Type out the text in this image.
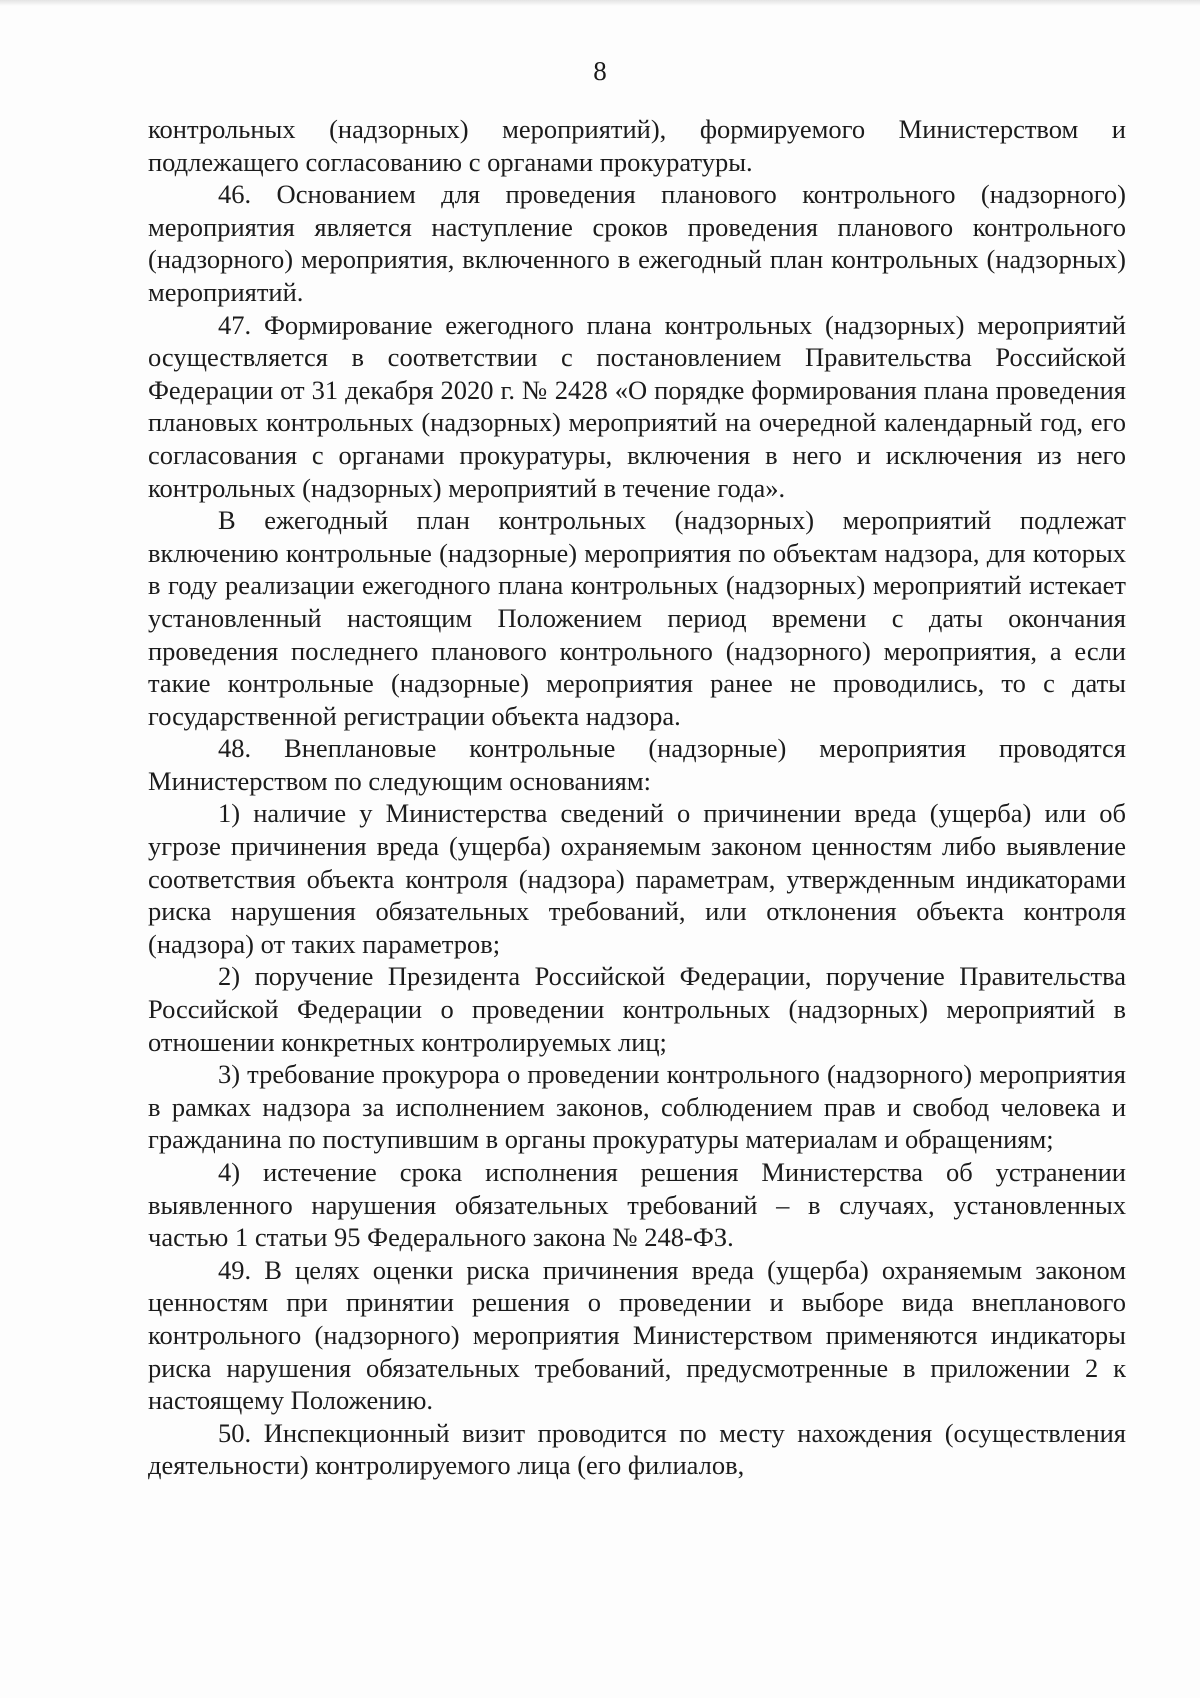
8

контрольных (надзорных) мероприятий), формируемого Министерством и подлежащего согласованию с органами прокуратуры.

46. Основанием для проведения планового контрольного (надзорного) мероприятия является наступление сроков проведения планового контрольного (надзорного) мероприятия, включенного в ежегодный план контрольных (надзорных) мероприятий.

47. Формирование ежегодного плана контрольных (надзорных) мероприятий осуществляется в соответствии с постановлением Правительства Российской Федерации от 31 декабря 2020 г. № 2428 «О порядке формирования плана проведения плановых контрольных (надзорных) мероприятий на очередной календарный год, его согласования с органами прокуратуры, включения в него и исключения из него контрольных (надзорных) мероприятий в течение года».

В ежегодный план контрольных (надзорных) мероприятий подлежат включению контрольные (надзорные) мероприятия по объектам надзора, для которых в году реализации ежегодного плана контрольных (надзорных) мероприятий истекает установленный настоящим Положением период времени с даты окончания проведения последнего планового контрольного (надзорного) мероприятия, а если такие контрольные (надзорные) мероприятия ранее не проводились, то с даты государственной регистрации объекта надзора.

48. Внеплановые контрольные (надзорные) мероприятия проводятся Министерством по следующим основаниям:

1) наличие у Министерства сведений о причинении вреда (ущерба) или об угрозе причинения вреда (ущерба) охраняемым законом ценностям либо выявление соответствия объекта контроля (надзора) параметрам, утвержденным индикаторами риска нарушения обязательных требований, или отклонения объекта контроля (надзора) от таких параметров;

2) поручение Президента Российской Федерации, поручение Правительства Российской Федерации о проведении контрольных (надзорных) мероприятий в отношении конкретных контролируемых лиц;

3) требование прокурора о проведении контрольного (надзорного) мероприятия в рамках надзора за исполнением законов, соблюдением прав и свобод человека и гражданина по поступившим в органы прокуратуры материалам и обращениям;

4) истечение срока исполнения решения Министерства об устранении выявленного нарушения обязательных требований – в случаях, установленных частью 1 статьи 95 Федерального закона № 248-ФЗ.

49. В целях оценки риска причинения вреда (ущерба) охраняемым законом ценностям при принятии решения о проведении и выборе вида внепланового контрольного (надзорного) мероприятия Министерством применяются индикаторы риска нарушения обязательных требований, предусмотренные в приложении 2 к настоящему Положению.

50. Инспекционный визит проводится по месту нахождения (осуществления деятельности) контролируемого лица (его филиалов,
